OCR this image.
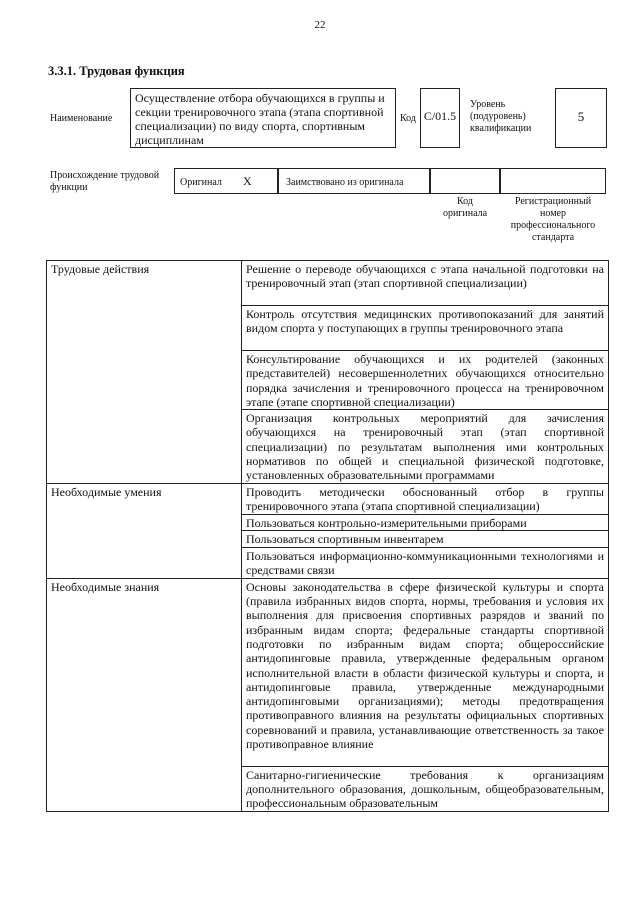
22
3.3.1. Трудовая функция
Наименование
Осуществление отбора обучающихся в группы и секции тренировочного этапа (этапа спортивной специализации) по виду спорта, спортивным дисциплинам
Код C/01.5
Уровень (подуровень) квалификации
5
Происхождение трудовой функции	Оригинал X	Заимствовано из оригинала
Код оригинала
Регистрационный номер профессионального стандарта
Трудовые действия	Решение о переводе обучающихся с этапа начальной подготовки на тренировочный этап (этап спортивной специализации)
	Контроль отсутствия медицинских противопоказаний для занятий видом спорта у поступающих в группы тренировочного этапа
	Консультирование обучающихся и их родителей (законных представителей) несовершеннолетних обучающихся относительно порядка зачисления и тренировочного процесса на тренировочном этапе (этапе спортивной специализации)
	Организация контрольных мероприятий для зачисления обучающихся на тренировочный этап (этап спортивной специализации) по результатам выполнения ими контрольных нормативов по общей и специальной физической подготовке, установленных образовательными программами
Необходимые умения	Проводить методически обоснованный отбор в группы тренировочного этапа (этапа спортивной специализации)
	Пользоваться контрольно-измерительными приборами
	Пользоваться спортивным инвентарем
	Пользоваться информационно-коммуникационными технологиями и средствами связи
Необходимые знания	Основы законодательства в сфере физической культуры и спорта (правила избранных видов спорта, нормы, требования и условия их выполнения для присвоения спортивных разрядов и званий по избранным видам спорта; федеральные стандарты спортивной подготовки по избранным видам спорта; общероссийские антидопинговые правила, утвержденные федеральным органом исполнительной власти в области физической культуры и спорта, и антидопинговые правила, утвержденные международными антидопинговыми организациями); методы предотвращения противоправного влияния на результаты официальных спортивных соревнований и правила, устанавливающие ответственность за такое противоправное влияние
	Санитарно-гигиенические требования к организациям дополнительного образования, дошкольным, общеобразовательным, профессиональным образовательным
